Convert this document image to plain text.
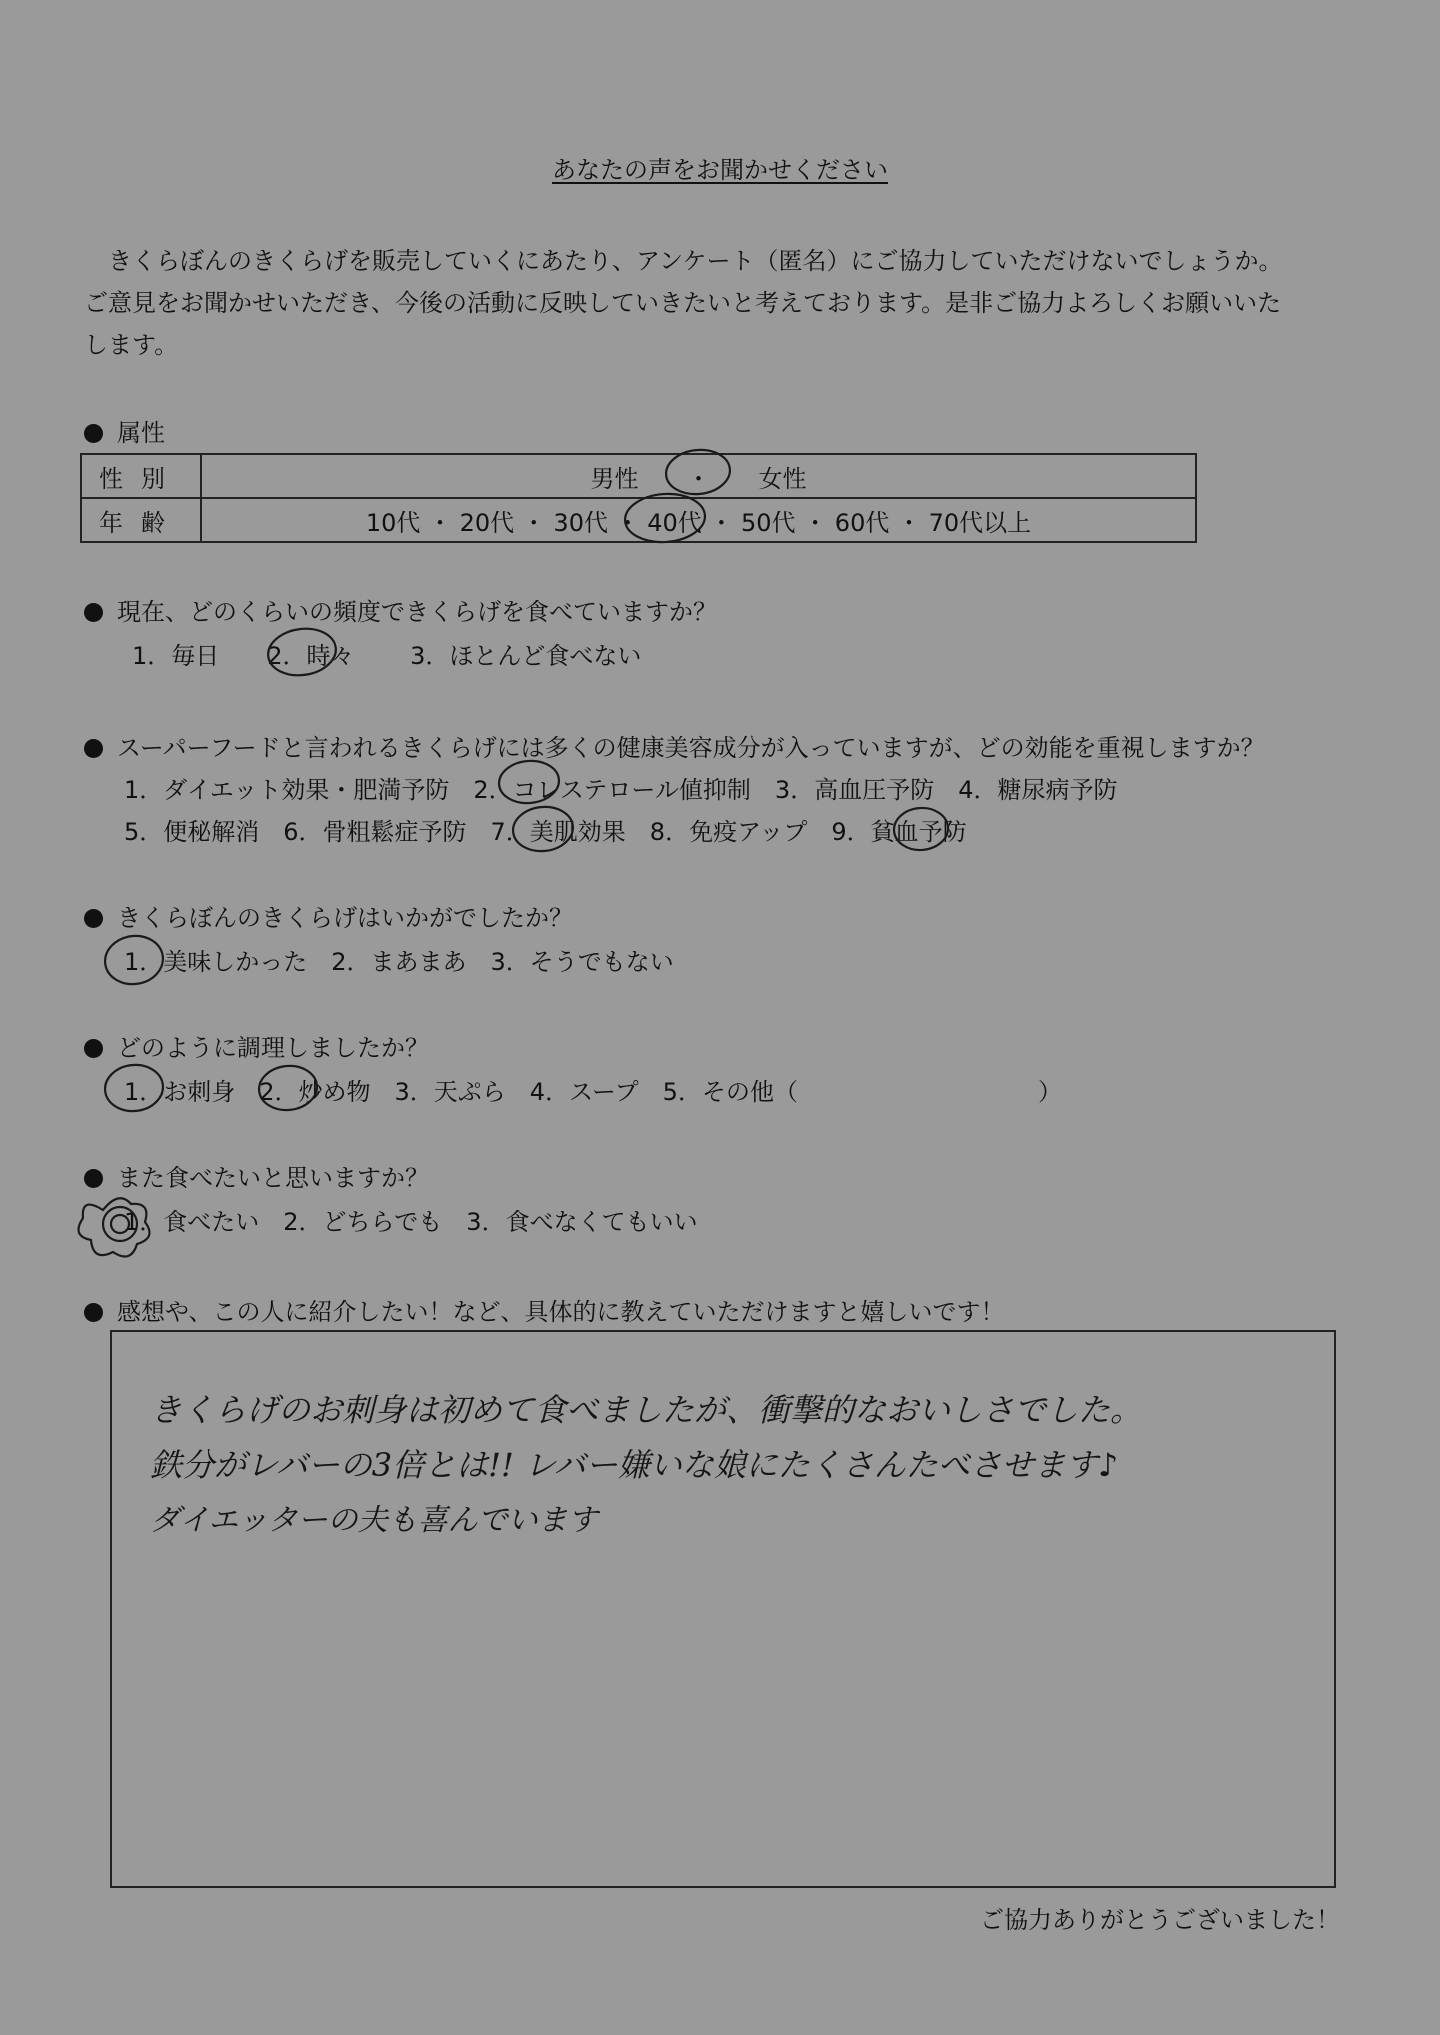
あなたの声をお聞かせください
きくらぼんのきくらげを販売していくにあたり、アンケート（匿名）にご協力していただけないでしょうか。
ご意見をお聞かせいただき、今後の活動に反映していきたいと考えております。是非ご協力よろしくお願いいた
します。
属性
性別	男性　　・　　女性
年齢	10代 ・ 20代 ・ 30代 ・ 40代 ・ 50代 ・ 60代 ・ 70代以上
現在、どのくらいの頻度できくらげを食べていますか？
1．毎日　　2．時々　　 3．ほとんど食べない
スーパーフードと言われるきくらげには多くの健康美容成分が入っていますが、どの効能を重視しますか？
1．ダイエット効果・肥満予防　2．コレステロール値抑制　3．高血圧予防　4．糖尿病予防
5．便秘解消　6．骨粗鬆症予防　7．美肌効果　8．免疫アップ　9．貧血予防
きくらぼんのきくらげはいかがでしたか？
1．美味しかった　2．まあまあ　3．そうでもない
どのように調理しましたか？
1．お刺身　2．炒め物　3．天ぷら　4．スープ　5．その他（　　　　　　　　　　）
また食べたいと思いますか？
1．食べたい　2．どちらでも　3．食べなくてもいい
感想や、この人に紹介したい！など、具体的に教えていただけますと嬉しいです！
きくらげのお刺身は初めて食べましたが、衝撃的なおいしさでした。
鉄分がレバーの3倍とは!! レバー嫌いな娘にたくさんたべさせます♪
ダイエッターの夫も喜んでいます
ご協力ありがとうございました！
